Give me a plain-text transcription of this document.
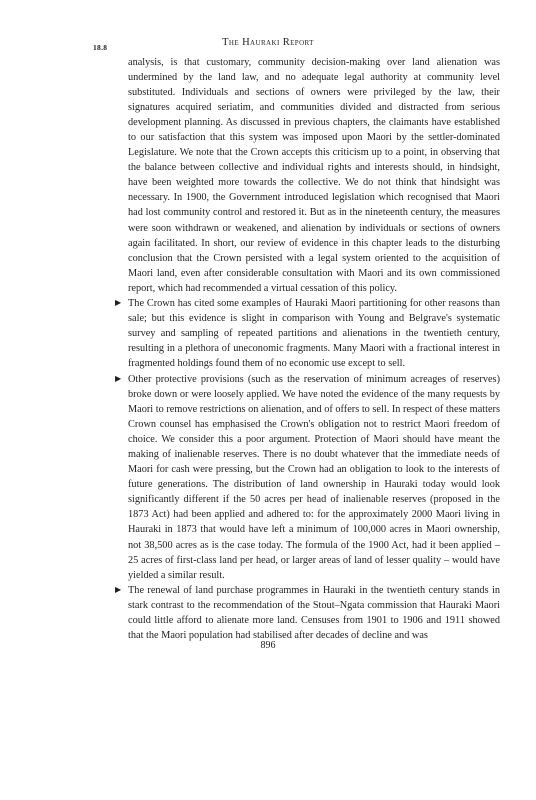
18.8	The Hauraki Report

analysis, is that customary, community decision-making over land alienation was undermined by the land law, and no adequate legal authority at community level substituted. Individuals and sections of owners were privileged by the law, their signatures acquired seriatim, and communities divided and distracted from serious development planning. As discussed in previous chapters, the claimants have established to our satisfaction that this system was imposed upon Maori by the settler-dominated Legislature. We note that the Crown accepts this criticism up to a point, in observing that the balance between collective and individual rights and interests should, in hindsight, have been weighted more towards the collective. We do not think that hindsight was necessary. In 1900, the Government introduced legislation which recognised that Maori had lost community control and restored it. But as in the nineteenth century, the measures were soon withdrawn or weakened, and alienation by individuals or sections of owners again facilitated. In short, our review of evidence in this chapter leads to the disturbing conclusion that the Crown persisted with a legal system oriented to the acquisition of Maori land, even after considerable consultation with Maori and its own commissioned report, which had recommended a virtual cessation of this policy.

▶ The Crown has cited some examples of Hauraki Maori partitioning for other reasons than sale; but this evidence is slight in comparison with Young and Belgrave's systematic survey and sampling of repeated partitions and alienations in the twentieth century, resulting in a plethora of uneconomic fragments. Many Maori with a fractional interest in fragmented holdings found them of no economic use except to sell.

▶ Other protective provisions (such as the reservation of minimum acreages of reserves) broke down or were loosely applied. We have noted the evidence of the many requests by Maori to remove restrictions on alienation, and of offers to sell. In respect of these matters Crown counsel has emphasised the Crown's obligation not to restrict Maori freedom of choice. We consider this a poor argument. Protection of Maori should have meant the making of inalienable reserves. There is no doubt whatever that the immediate needs of Maori for cash were pressing, but the Crown had an obligation to look to the interests of future generations. The distribution of land ownership in Hauraki today would look significantly different if the 50 acres per head of inalienable reserves (proposed in the 1873 Act) had been applied and adhered to: for the approximately 2000 Maori living in Hauraki in 1873 that would have left a minimum of 100,000 acres in Maori ownership, not 38,500 acres as is the case today. The formula of the 1900 Act, had it been applied – 25 acres of first-class land per head, or larger areas of land of lesser quality – would have yielded a similar result.

▶ The renewal of land purchase programmes in Hauraki in the twentieth century stands in stark contrast to the recommendation of the Stout–Ngata commission that Hauraki Maori could little afford to alienate more land. Censuses from 1901 to 1906 and 1911 showed that the Maori population had stabilised after decades of decline and was

896
